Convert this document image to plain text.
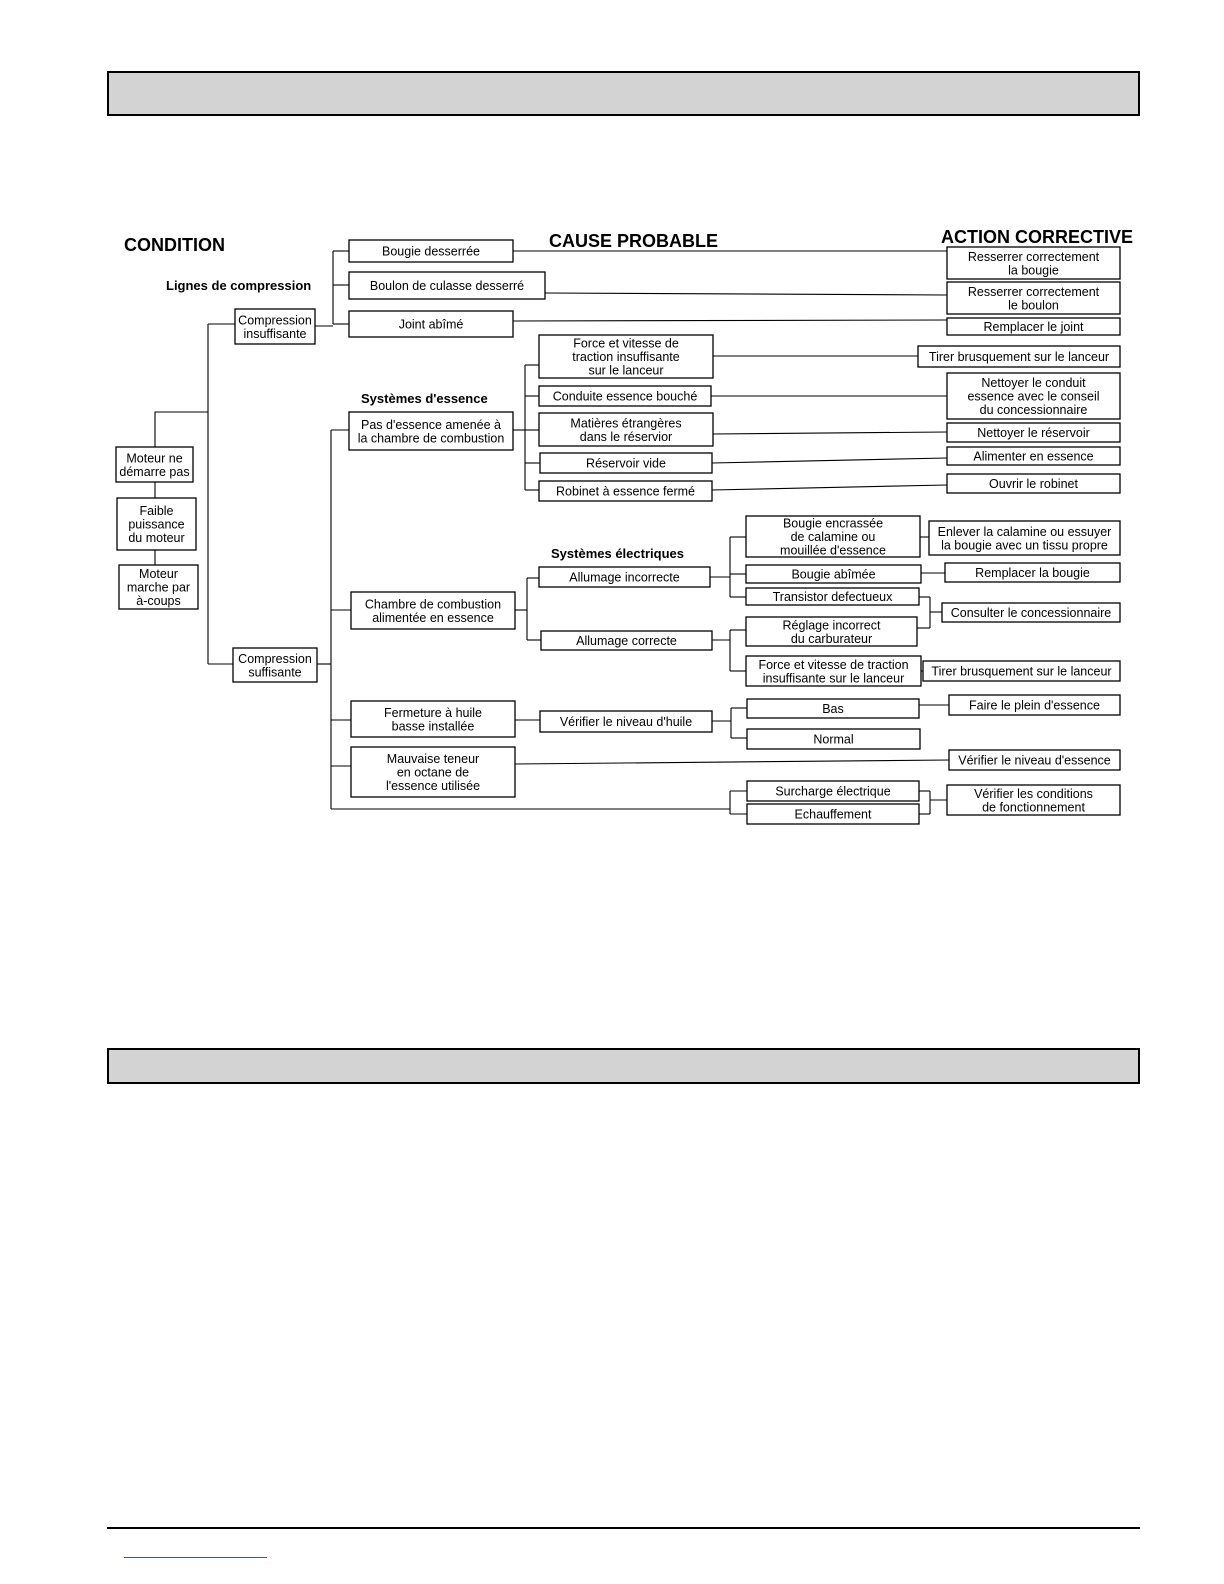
Moteur ne
démarre pas
Faible
puissance
du moteur
Moteur
marche par
à-coups
Compression
insuffisante
Compression
suffisante
Bougie desserrée
Boulon de culasse desserré
Joint abîmé
Pas d'essence amenée à
la chambre de combustion
Force et vitesse de
traction insuffisante
sur le lanceur
Conduite essence bouché
Matières étrangères
dans le réservior
Réservoir vide
Robinet à essence fermé
Chambre de combustion
alimentée en essence
Allumage incorrecte
Allumage correcte
Bougie encrassée
de calamine ou
mouillée d'essence
Bougie abîmée
Transistor defectueux
Réglage incorrect
du carburateur
Force et vitesse de traction
insuffisante sur le lanceur
Fermeture à huile
basse installée	Vérifier le niveau d'huile
Bas
Normal
Mauvaise teneur
en octane de
l'essence utilisée	Surcharge électrique
Echauffement
Resserrer correctement
la bougie
Resserrer correctement
le boulon
Remplacer le joint
Tirer brusquement sur le lanceur
Nettoyer le conduit
essence avec le conseil
du concessionnaire
Nettoyer le réservoir
Alimenter en essence
Ouvrir le robinet
Enlever la calamine ou essuyer
la bougie avec un tissu propre
Remplacer la bougie
Consulter le concessionnaire
Tirer brusquement sur le lanceur
Faire le plein d'essence
Vérifier le niveau d'essence
Vérifier les conditions
de fonctionnement
CONDITION	CAUSE PROBABLE	ACTION CORRECTIVE
Lignes de compression
Systèmes d'essence
Systèmes électriques
